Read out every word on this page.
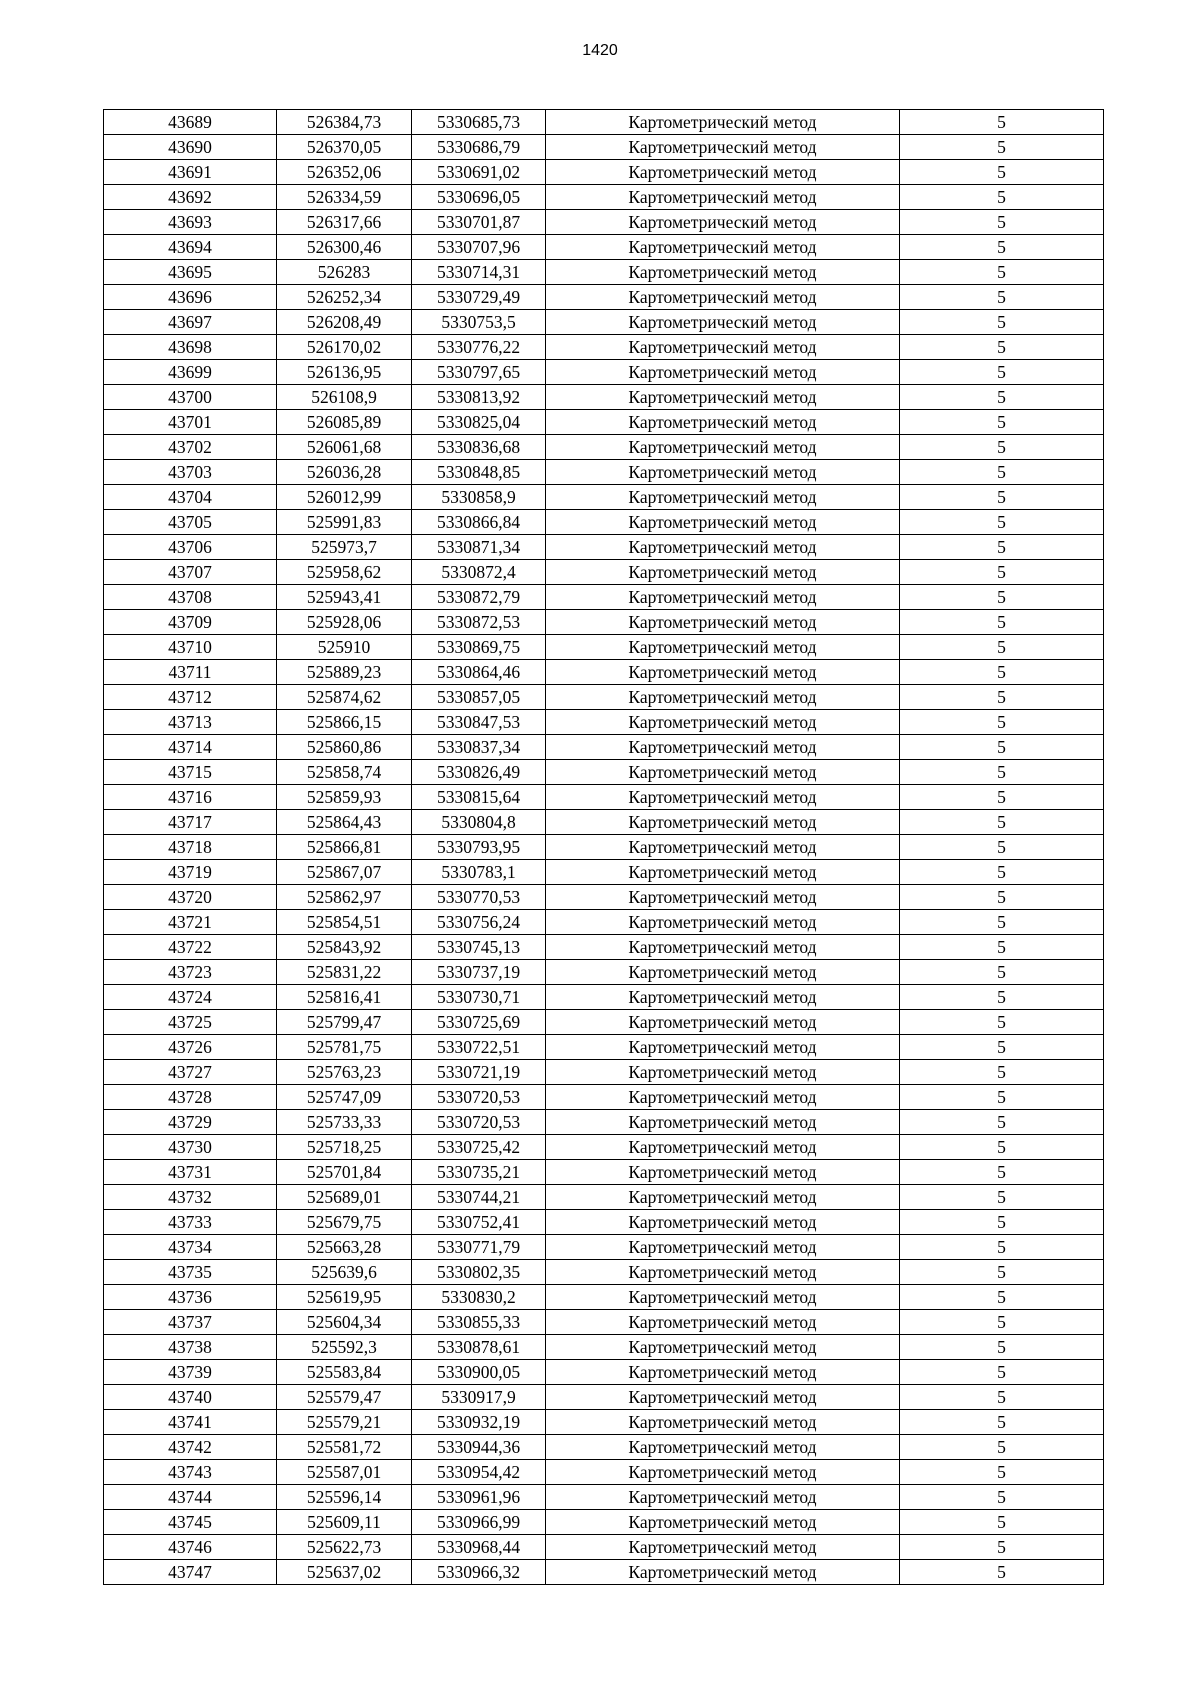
1420
43689	526384,73	5330685,73	Картометрический метод	5
43690	526370,05	5330686,79	Картометрический метод	5
43691	526352,06	5330691,02	Картометрический метод	5
43692	526334,59	5330696,05	Картометрический метод	5
43693	526317,66	5330701,87	Картометрический метод	5
43694	526300,46	5330707,96	Картометрический метод	5
43695	526283	5330714,31	Картометрический метод	5
43696	526252,34	5330729,49	Картометрический метод	5
43697	526208,49	5330753,5	Картометрический метод	5
43698	526170,02	5330776,22	Картометрический метод	5
43699	526136,95	5330797,65	Картометрический метод	5
43700	526108,9	5330813,92	Картометрический метод	5
43701	526085,89	5330825,04	Картометрический метод	5
43702	526061,68	5330836,68	Картометрический метод	5
43703	526036,28	5330848,85	Картометрический метод	5
43704	526012,99	5330858,9	Картометрический метод	5
43705	525991,83	5330866,84	Картометрический метод	5
43706	525973,7	5330871,34	Картометрический метод	5
43707	525958,62	5330872,4	Картометрический метод	5
43708	525943,41	5330872,79	Картометрический метод	5
43709	525928,06	5330872,53	Картометрический метод	5
43710	525910	5330869,75	Картометрический метод	5
43711	525889,23	5330864,46	Картометрический метод	5
43712	525874,62	5330857,05	Картометрический метод	5
43713	525866,15	5330847,53	Картометрический метод	5
43714	525860,86	5330837,34	Картометрический метод	5
43715	525858,74	5330826,49	Картометрический метод	5
43716	525859,93	5330815,64	Картометрический метод	5
43717	525864,43	5330804,8	Картометрический метод	5
43718	525866,81	5330793,95	Картометрический метод	5
43719	525867,07	5330783,1	Картометрический метод	5
43720	525862,97	5330770,53	Картометрический метод	5
43721	525854,51	5330756,24	Картометрический метод	5
43722	525843,92	5330745,13	Картометрический метод	5
43723	525831,22	5330737,19	Картометрический метод	5
43724	525816,41	5330730,71	Картометрический метод	5
43725	525799,47	5330725,69	Картометрический метод	5
43726	525781,75	5330722,51	Картометрический метод	5
43727	525763,23	5330721,19	Картометрический метод	5
43728	525747,09	5330720,53	Картометрический метод	5
43729	525733,33	5330720,53	Картометрический метод	5
43730	525718,25	5330725,42	Картометрический метод	5
43731	525701,84	5330735,21	Картометрический метод	5
43732	525689,01	5330744,21	Картометрический метод	5
43733	525679,75	5330752,41	Картометрический метод	5
43734	525663,28	5330771,79	Картометрический метод	5
43735	525639,6	5330802,35	Картометрический метод	5
43736	525619,95	5330830,2	Картометрический метод	5
43737	525604,34	5330855,33	Картометрический метод	5
43738	525592,3	5330878,61	Картометрический метод	5
43739	525583,84	5330900,05	Картометрический метод	5
43740	525579,47	5330917,9	Картометрический метод	5
43741	525579,21	5330932,19	Картометрический метод	5
43742	525581,72	5330944,36	Картометрический метод	5
43743	525587,01	5330954,42	Картометрический метод	5
43744	525596,14	5330961,96	Картометрический метод	5
43745	525609,11	5330966,99	Картометрический метод	5
43746	525622,73	5330968,44	Картометрический метод	5
43747	525637,02	5330966,32	Картометрический метод	5
